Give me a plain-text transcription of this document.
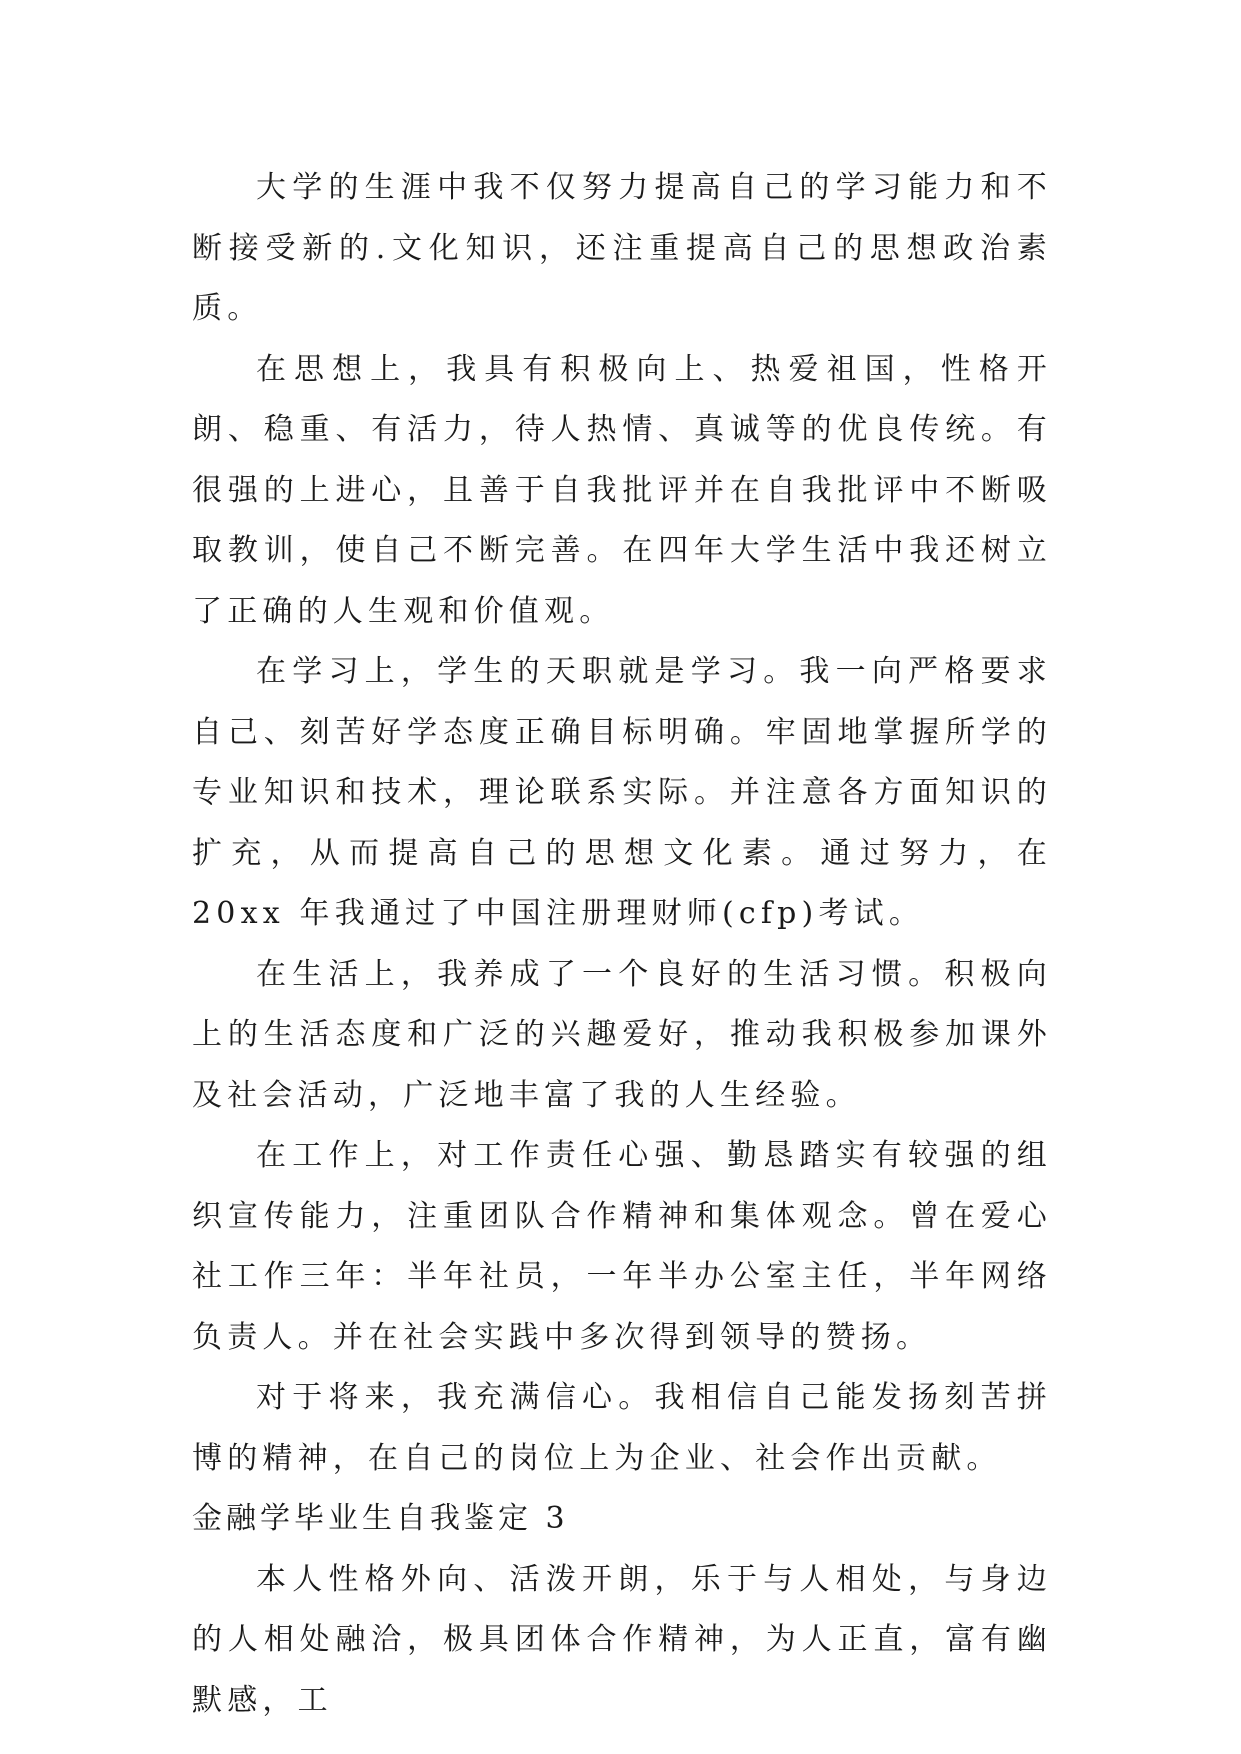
大学的生涯中我不仅努力提高自己的学习能力和不断接受新的.文化知识，还注重提高自己的思想政治素质。

在思想上，我具有积极向上、热爱祖国，性格开朗、稳重、有活力，待人热情、真诚等的优良传统。有很强的上进心，且善于自我批评并在自我批评中不断吸取教训，使自己不断完善。在四年大学生活中我还树立了正确的人生观和价值观。

在学习上，学生的天职就是学习。我一向严格要求自己、刻苦好学态度正确目标明确。牢固地掌握所学的专业知识和技术，理论联系实际。并注意各方面知识的扩充，从而提高自己的思想文化素。通过努力，在 20xx 年我通过了中国注册理财师(cfp)考试。

在生活上，我养成了一个良好的生活习惯。积极向上的生活态度和广泛的兴趣爱好，推动我积极参加课外及社会活动，广泛地丰富了我的人生经验。

在工作上，对工作责任心强、勤恳踏实有较强的组织宣传能力，注重团队合作精神和集体观念。曾在爱心社工作三年：半年社员，一年半办公室主任，半年网络负责人。并在社会实践中多次得到领导的赞扬。

对于将来，我充满信心。我相信自己能发扬刻苦拼博的精神，在自己的岗位上为企业、社会作出贡献。

金融学毕业生自我鉴定 3

本人性格外向、活泼开朗，乐于与人相处，与身边的人相处融洽，极具团体合作精神，为人正直，富有幽默感，工
